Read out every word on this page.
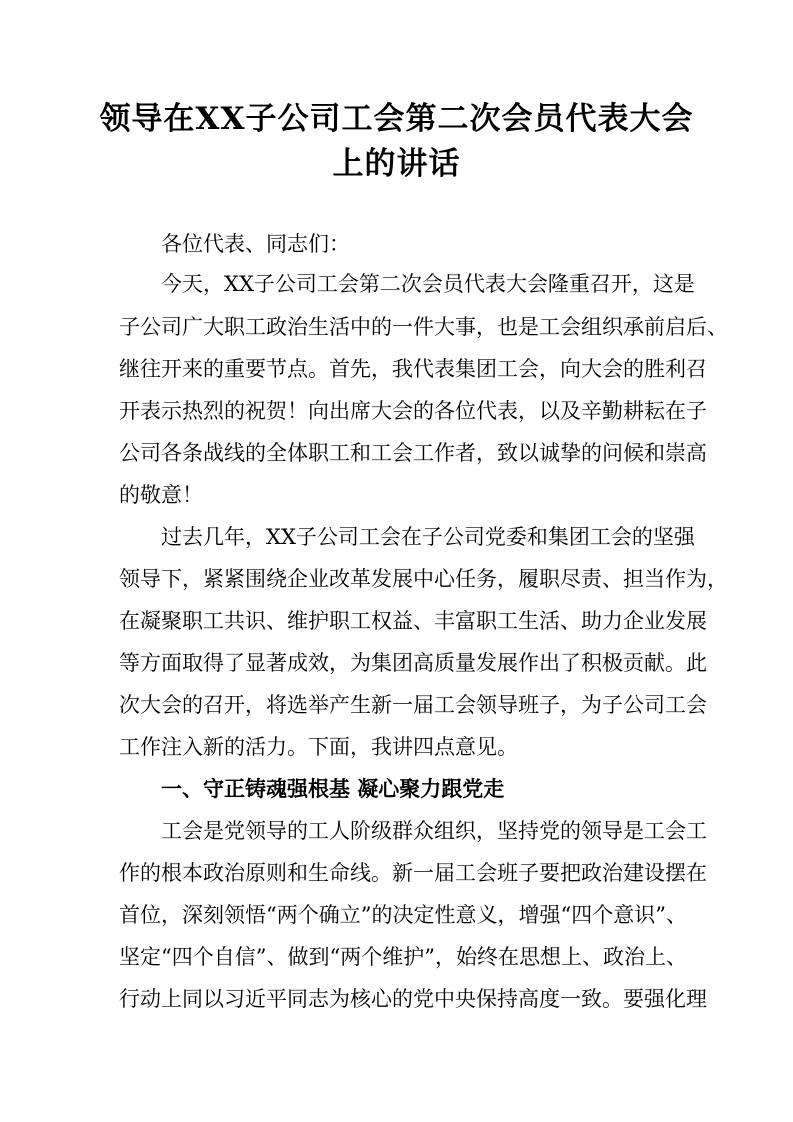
领导在XX子公司工会第二次会员代表大会
上的讲话
各位代表、同志们：
今天，XX子公司工会第二次会员代表大会隆重召开，这是
子公司广大职工政治生活中的一件大事，也是工会组织承前启后、
继往开来的重要节点。首先，我代表集团工会，向大会的胜利召
开表示热烈的祝贺！向出席大会的各位代表，以及辛勤耕耘在子
公司各条战线的全体职工和工会工作者，致以诚挚的问候和崇高
的敬意！
过去几年，XX子公司工会在子公司党委和集团工会的坚强
领导下，紧紧围绕企业改革发展中心任务，履职尽责、担当作为，
在凝聚职工共识、维护职工权益、丰富职工生活、助力企业发展
等方面取得了显著成效，为集团高质量发展作出了积极贡献。此
次大会的召开，将选举产生新一届工会领导班子，为子公司工会
工作注入新的活力。下面，我讲四点意见。
一、守正铸魂强根基 凝心聚力跟党走
工会是党领导的工人阶级群众组织，坚持党的领导是工会工
作的根本政治原则和生命线。新一届工会班子要把政治建设摆在
首位，深刻领悟“两个确立”的决定性意义，增强“四个意识”、
坚定“四个自信”、做到“两个维护”，始终在思想上、政治上、
行动上同以习近平同志为核心的党中央保持高度一致。要强化理
